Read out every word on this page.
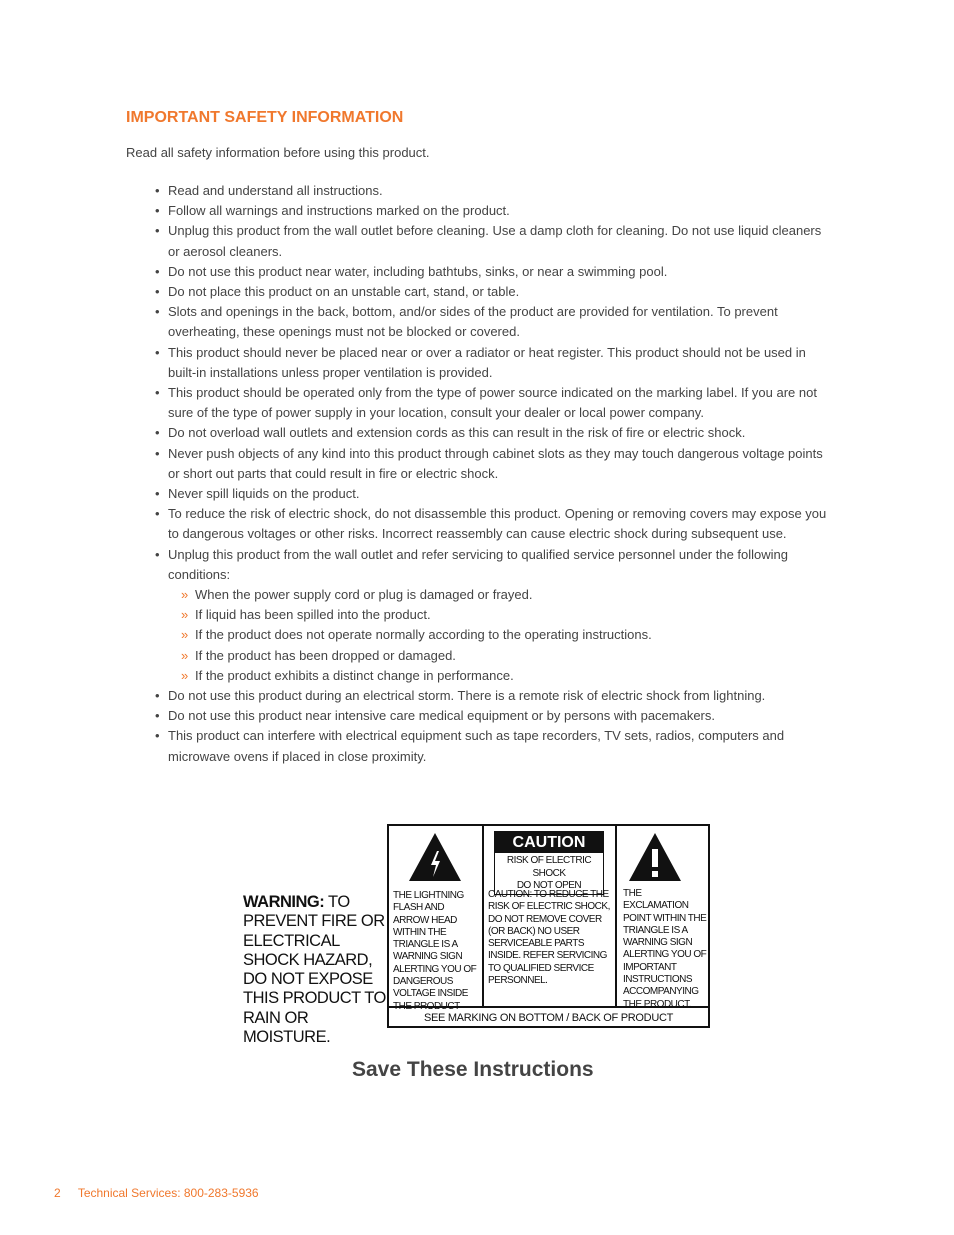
IMPORTANT SAFETY INFORMATION
Read all safety information before using this product.
• Read and understand all instructions.
• Follow all warnings and instructions marked on the product.
• Unplug this product from the wall outlet before cleaning. Use a damp cloth for cleaning. Do not use liquid cleaners or aerosol cleaners.
• Do not use this product near water, including bathtubs, sinks, or near a swimming pool.
• Do not place this product on an unstable cart, stand, or table.
• Slots and openings in the back, bottom, and/or sides of the product are provided for ventilation. To prevent overheating, these openings must not be blocked or covered.
• This product should never be placed near or over a radiator or heat register. This product should not be used in built-in installations unless proper ventilation is provided.
• This product should be operated only from the type of power source indicated on the marking label. If you are not sure of the type of power supply in your location, consult your dealer or local power company.
• Do not overload wall outlets and extension cords as this can result in the risk of fire or electric shock.
• Never push objects of any kind into this product through cabinet slots as they may touch dangerous voltage points or short out parts that could result in fire or electric shock.
• Never spill liquids on the product.
• To reduce the risk of electric shock, do not disassemble this product. Opening or removing covers may expose you to dangerous voltages or other risks. Incorrect reassembly can cause electric shock during subsequent use.
• Unplug this product from the wall outlet and refer servicing to qualified service personnel under the following conditions:
» When the power supply cord or plug is damaged or frayed.
» If liquid has been spilled into the product.
» If the product does not operate normally according to the operating instructions.
» If the product has been dropped or damaged.
» If the product exhibits a distinct change in performance.
• Do not use this product during an electrical storm. There is a remote risk of electric shock from lightning.
• Do not use this product near intensive care medical equipment or by persons with pacemakers.
• This product can interfere with electrical equipment such as tape recorders, TV sets, radios, computers and microwave ovens if placed in close proximity.
WARNING: TO PREVENT FIRE OR ELECTRICAL SHOCK HAZARD, DO NOT EXPOSE THIS PRODUCT TO RAIN OR MOISTURE.
THE LIGHTNING FLASH AND ARROW HEAD WITHIN THE TRIANGLE IS A WARNING SIGN ALERTING YOU OF DANGEROUS VOLTAGE INSIDE THE PRODUCT
CAUTION
RISK OF ELECTRIC SHOCK
DO NOT OPEN
CAUTION: TO REDUCE THE RISK OF ELECTRIC SHOCK, DO NOT REMOVE COVER (OR BACK) NO USER SERVICEABLE PARTS INSIDE. REFER SERVICING TO QUALIFIED SERVICE PERSONNEL.
THE EXCLAMATION POINT WITHIN THE TRIANGLE IS A WARNING SIGN ALERTING YOU OF IMPORTANT INSTRUCTIONS ACCOMPANYING THE PRODUCT.
SEE MARKING ON BOTTOM / BACK OF PRODUCT
Save These Instructions
2 Technical Services: 800-283-5936
